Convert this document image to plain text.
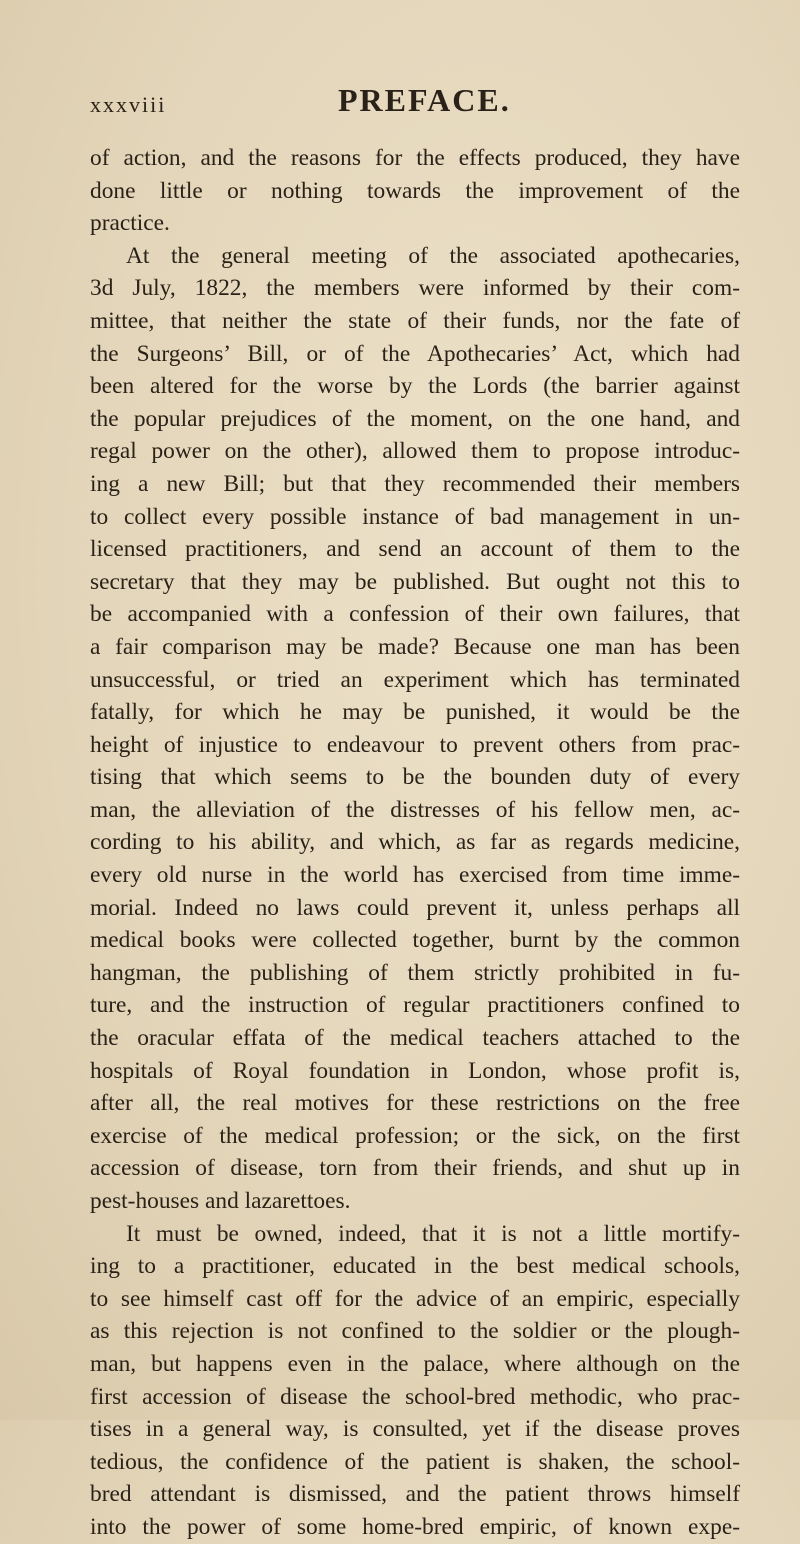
xxxviii	PREFACE.
of action, and the reasons for the effects produced, they have
done little or nothing towards the improvement of the
practice.
At the general meeting of the associated apothecaries,
3d July, 1822, the members were informed by their com-
mittee, that neither the state of their funds, nor the fate of
the Surgeons’ Bill, or of the Apothecaries’ Act, which had
been altered for the worse by the Lords (the barrier against
the popular prejudices of the moment, on the one hand, and
regal power on the other), allowed them to propose introduc-
ing a new Bill; but that they recommended their members
to collect every possible instance of bad management in un-
licensed practitioners, and send an account of them to the
secretary that they may be published. But ought not this to
be accompanied with a confession of their own failures, that
a fair comparison may be made? Because one man has been
unsuccessful, or tried an experiment which has terminated
fatally, for which he may be punished, it would be the
height of injustice to endeavour to prevent others from prac-
tising that which seems to be the bounden duty of every
man, the alleviation of the distresses of his fellow men, ac-
cording to his ability, and which, as far as regards medicine,
every old nurse in the world has exercised from time imme-
morial. Indeed no laws could prevent it, unless perhaps all
medical books were collected together, burnt by the common
hangman, the publishing of them strictly prohibited in fu-
ture, and the instruction of regular practitioners confined to
the oracular effata of the medical teachers attached to the
hospitals of Royal foundation in London, whose profit is,
after all, the real motives for these restrictions on the free
exercise of the medical profession; or the sick, on the first
accession of disease, torn from their friends, and shut up in
pest-houses and lazarettoes.
It must be owned, indeed, that it is not a little mortify-
ing to a practitioner, educated in the best medical schools,
to see himself cast off for the advice of an empiric, especially
as this rejection is not confined to the soldier or the plough-
man, but happens even in the palace, where although on the
first accession of disease the school-bred methodic, who prac-
tises in a general way, is consulted, yet if the disease proves
tedious, the confidence of the patient is shaken, the school-
bred attendant is dismissed, and the patient throws himself
into the power of some home-bred empiric, of known expe-
